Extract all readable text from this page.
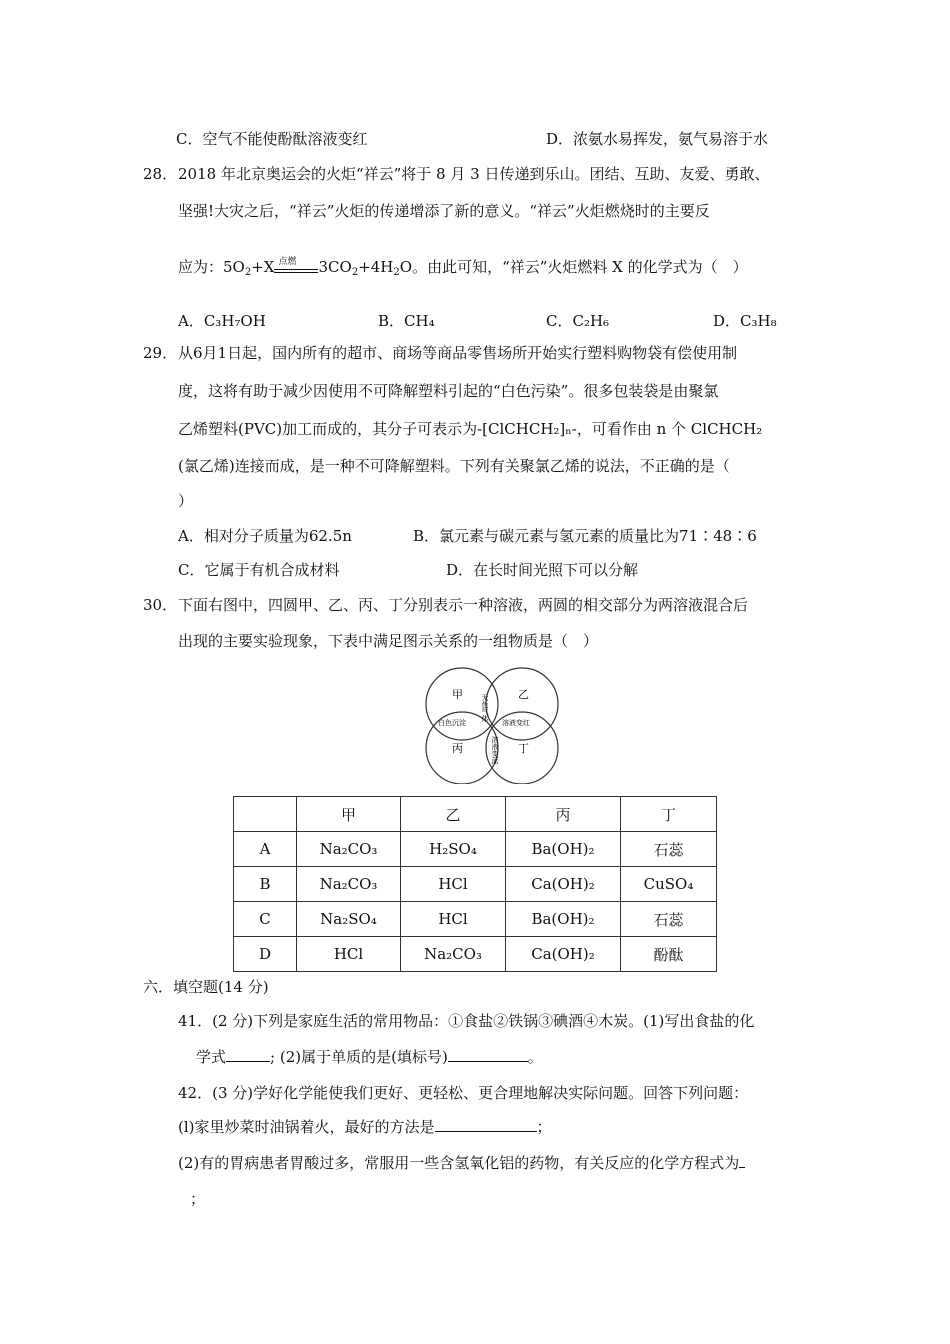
C．空气不能使酚酞溶液变红	D．浓氨水易挥发，氨气易溶于水
28． 2018 年北京奥运会的火炬“祥云”将于 8 月 3 日传递到乐山。团结、互助、友爱、勇敢、
坚强!大灾之后，“祥云”火炬的传递增添了新的意义。“祥云”火炬燃烧时的主要反
应为：$5O_2+X$ 点燃 $3CO_2+4H_2O$。由此可知，“祥云”火炬燃料 X 的化学式为（　）
A．C₃H₇OH	B．CH₄	C．C₂H₆	D．C₃H₈
29． 从6月1日起，国内所有的超市、商场等商品零售场所开始实行塑料购物袋有偿使用制
度，这将有助于减少因使用不可降解塑料引起的“白色污染”。很多包装袋是由聚氯
乙烯塑料(PVC)加工而成的，其分子可表示为-[ClCHCH₂]ₙ-，可看作由 n 个 ClCHCH₂
(氯乙烯)连接而成，是一种不可降解塑料。下列有关聚氯乙烯的说法，不正确的是（
）
A．相对分子质量为62.5n	B．氯元素与碳元素与氢元素的质量比为71∶48∶6
C．它属于有机合成材料	D．在长时间光照下可以分解
30． 下面右图中，四圆甲、乙、丙、丁分别表示一种溶液，两圆的相交部分为两溶液混合后
出现的主要实验现象，下表中满足图示关系的一组物质是（　）
甲	乙
丙	丁
无色气体
白色沉淀	溶液变红
溶液变蓝
	甲	乙	丙	丁
A	Na₂CO₃	H₂SO₄	Ba(OH)₂	石蕊
B	Na₂CO₃	HCl	Ca(OH)₂	CuSO₄
C	Na₂SO₄	HCl	Ba(OH)₂	石蕊
D	HCl	Na₂CO₃	Ca(OH)₂	酚酞
六．填空题(14 分)
41．(2 分)下列是家庭生活的常用物品：①食盐②铁锅③碘酒④木炭。(1)写出食盐的化
学式	; (2)属于单质的是(填标号)	。
42．(3 分)学好化学能使我们更好、更轻松、更合理地解决实际问题。回答下列问题：
(l)家里炒菜时油锅着火，最好的方法是	；
(2)有的胃病患者胃酸过多，常服用一些含氢氧化铝的药物，有关反应的化学方程式为
；
